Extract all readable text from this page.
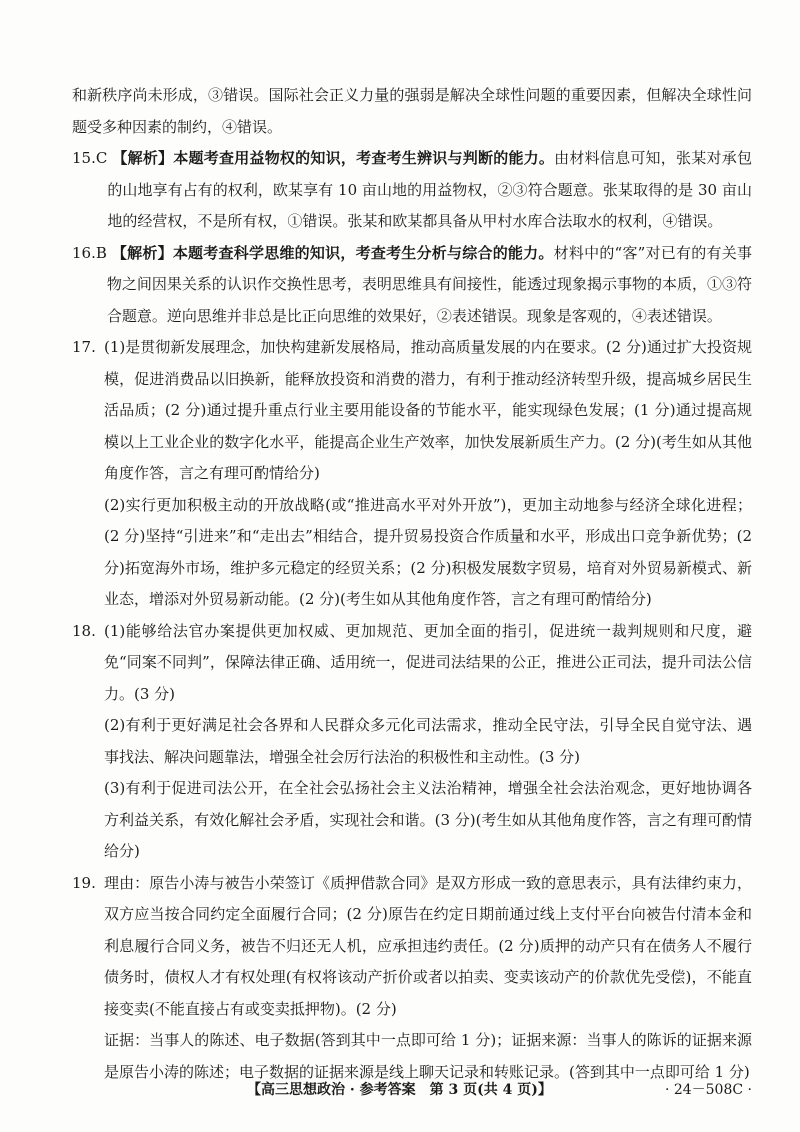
和新秩序尚未形成，③错误。国际社会正义力量的强弱是解决全球性问题的重要因素，但解决全球性问题受多种因素的制约，④错误。

15.C 【解析】本题考查用益物权的知识，考查考生辨识与判断的能力。由材料信息可知，张某对承包的山地享有占有的权利，欧某享有 10 亩山地的用益物权，②③符合题意。张某取得的是 30 亩山地的经营权，不是所有权，①错误。张某和欧某都具备从甲村水库合法取水的权利，④错误。

16.B 【解析】本题考查科学思维的知识，考查考生分析与综合的能力。材料中的“客”对已有的有关事物之间因果关系的认识作交换性思考，表明思维具有间接性，能透过现象揭示事物的本质，①③符合题意。逆向思维并非总是比正向思维的效果好，②表述错误。现象是客观的，④表述错误。

17. (1)是贯彻新发展理念，加快构建新发展格局，推动高质量发展的内在要求。(2 分)通过扩大投资规模，促进消费品以旧换新，能释放投资和消费的潜力，有利于推动经济转型升级，提高城乡居民生活品质；(2 分)通过提升重点行业主要用能设备的节能水平，能实现绿色发展；(1 分)通过提高规模以上工业企业的数字化水平，能提高企业生产效率，加快发展新质生产力。(2 分)(考生如从其他角度作答，言之有理可酌情给分)

(2)实行更加积极主动的开放战略(或“推进高水平对外开放”)，更加主动地参与经济全球化进程；(2 分)坚持“引进来”和“走出去”相结合，提升贸易投资合作质量和水平，形成出口竞争新优势；(2 分)拓宽海外市场，维护多元稳定的经贸关系；(2 分)积极发展数字贸易，培育对外贸易新模式、新业态，增添对外贸易新动能。(2 分)(考生如从其他角度作答，言之有理可酌情给分)

18. (1)能够给法官办案提供更加权威、更加规范、更加全面的指引，促进统一裁判规则和尺度，避免“同案不同判”，保障法律正确、适用统一，促进司法结果的公正，推进公正司法，提升司法公信力。(3 分)

(2)有利于更好满足社会各界和人民群众多元化司法需求，推动全民守法，引导全民自觉守法、遇事找法、解决问题靠法，增强全社会厉行法治的积极性和主动性。(3 分)

(3)有利于促进司法公开，在全社会弘扬社会主义法治精神，增强全社会法治观念，更好地协调各方利益关系，有效化解社会矛盾，实现社会和谐。(3 分)(考生如从其他角度作答，言之有理可酌情给分)

19. 理由：原告小涛与被告小荣签订《质押借款合同》是双方形成一致的意思表示，具有法律约束力，双方应当按合同约定全面履行合同；(2 分)原告在约定日期前通过线上支付平台向被告付清本金和利息履行合同义务，被告不归还无人机，应承担违约责任。(2 分)质押的动产只有在债务人不履行债务时，债权人才有权处理(有权将该动产折价或者以拍卖、变卖该动产的价款优先受偿)，不能直接变卖(不能直接占有或变卖抵押物)。(2 分)

证据：当事人的陈述、电子数据(答到其中一点即可给 1 分)；证据来源：当事人的陈诉的证据来源是原告小涛的陈述；电子数据的证据来源是线上聊天记录和转账记录。(答到其中一点即可给 1 分)

【高三思想政治 · 参考答案　第 3 页(共 4 页)】	· 24－508C ·
